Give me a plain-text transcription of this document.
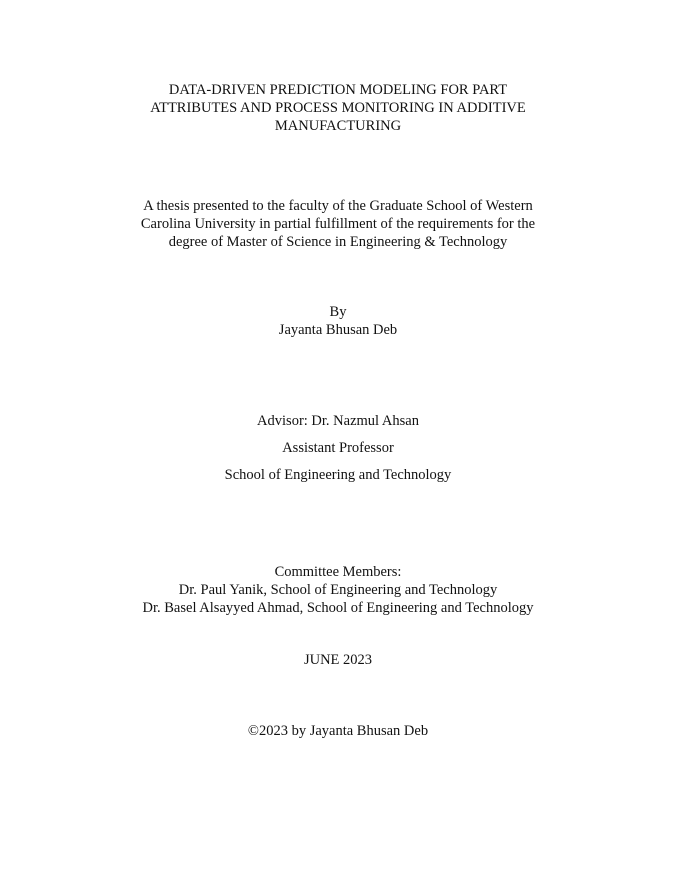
DATA-DRIVEN PREDICTION MODELING FOR PART
ATTRIBUTES AND PROCESS MONITORING IN ADDITIVE
MANUFACTURING
A thesis presented to the faculty of the Graduate School of Western
Carolina University in partial fulfillment of the requirements for the
degree of Master of Science in Engineering & Technology
By
Jayanta Bhusan Deb
Advisor: Dr. Nazmul Ahsan
Assistant Professor
School of Engineering and Technology
Committee Members:
Dr. Paul Yanik, School of Engineering and Technology
Dr. Basel Alsayyed Ahmad, School of Engineering and Technology
JUNE 2023
©2023 by Jayanta Bhusan Deb
